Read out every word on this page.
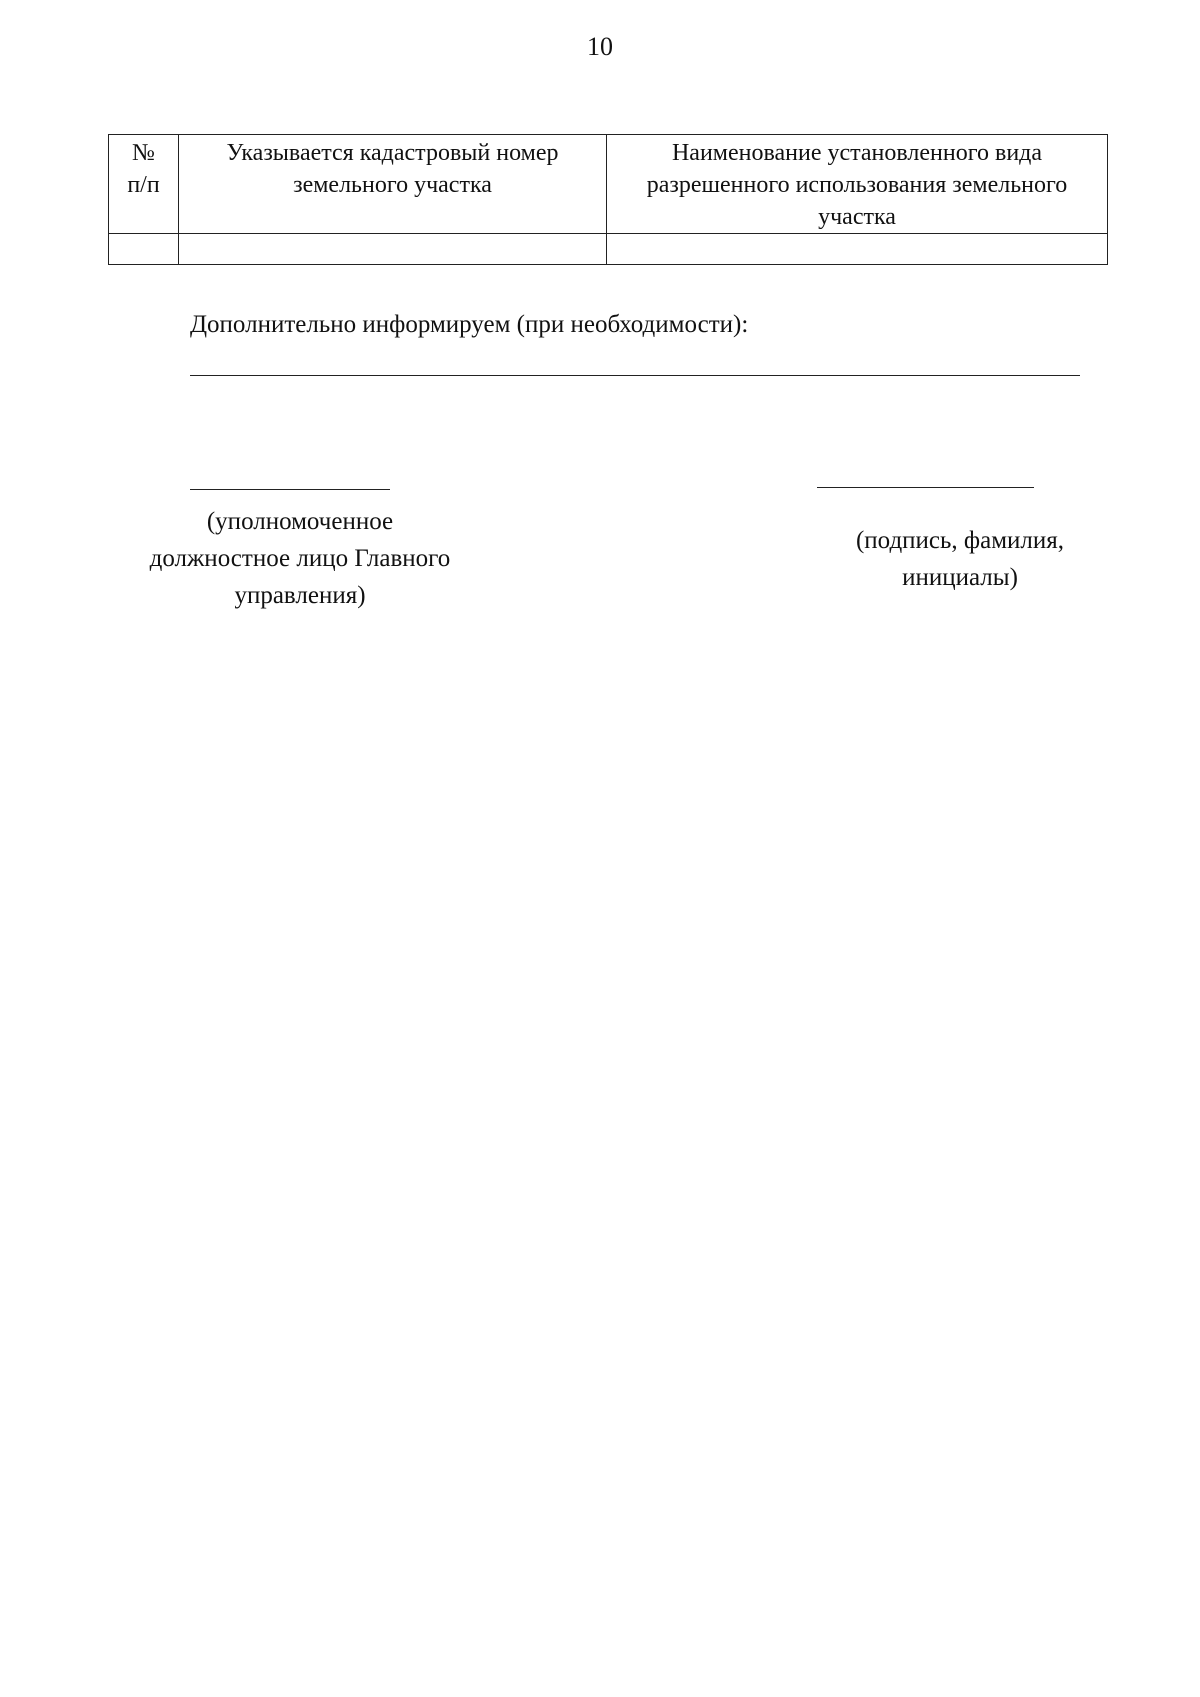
10
№
п/п	Указывается кадастровый номер земельного участка	Наименование установленного вида разрешенного использования земельного участка

Дополнительно информируем (при необходимости):
(уполномоченное
должностное лицо Главного
управления)
(подпись, фамилия,
инициалы)
